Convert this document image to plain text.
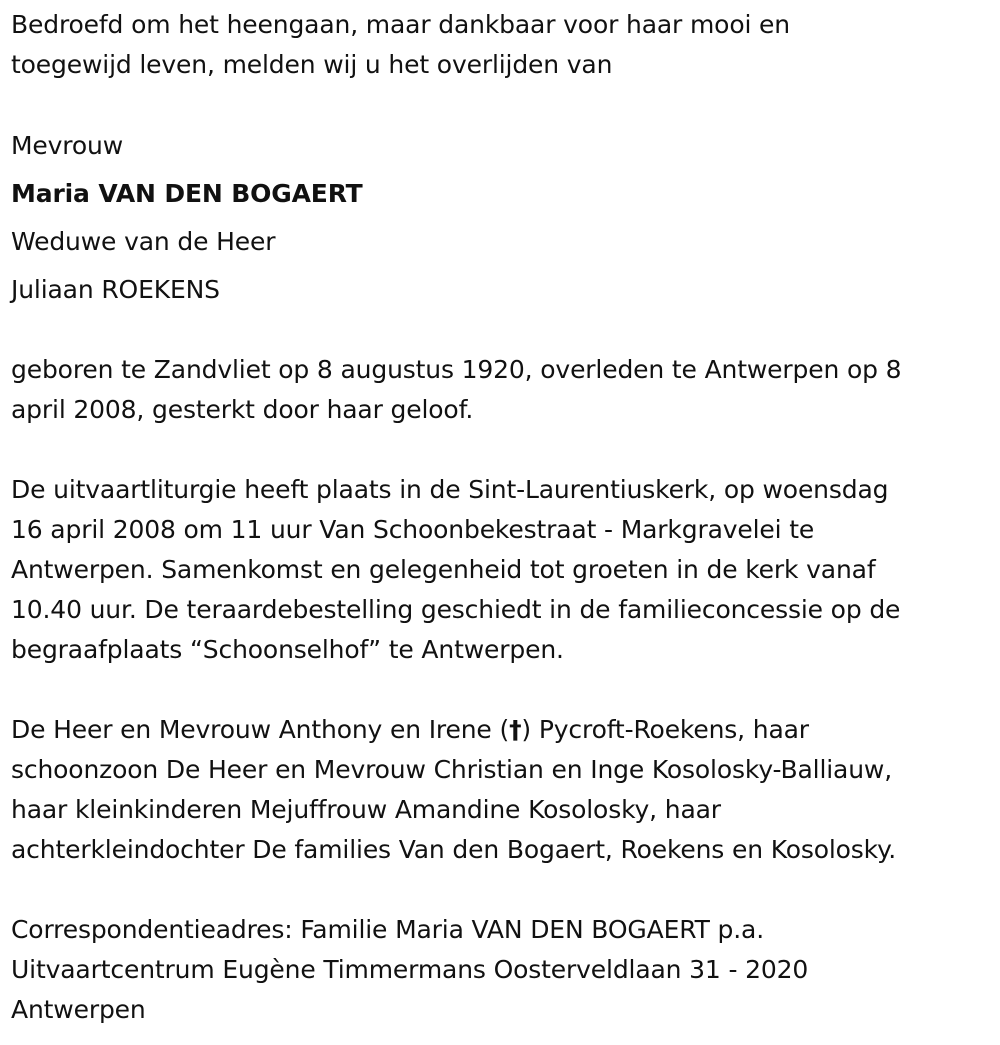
Bedroefd om het heengaan, maar dankbaar voor haar mooi en
toegewijd leven, melden wij u het overlijden van
Mevrouw
Maria VAN DEN BOGAERT
Weduwe van de Heer
Juliaan ROEKENS
geboren te Zandvliet op 8 augustus 1920, overleden te Antwerpen op 8
april 2008, gesterkt door haar geloof.
De uitvaartliturgie heeft plaats in de Sint-Laurentiuskerk, op woensdag
16 april 2008 om 11 uur Van Schoonbekestraat - Markgravelei te
Antwerpen. Samenkomst en gelegenheid tot groeten in de kerk vanaf
10.40 uur. De teraardebestelling geschiedt in de familieconcessie op de
begraafplaats “Schoonselhof” te Antwerpen.
De Heer en Mevrouw Anthony en Irene (†) Pycroft-Roekens, haar
schoonzoon De Heer en Mevrouw Christian en Inge Kosolosky-Balliauw,
haar kleinkinderen Mejuffrouw Amandine Kosolosky, haar
achterkleindochter De families Van den Bogaert, Roekens en Kosolosky.
Correspondentieadres: Familie Maria VAN DEN BOGAERT p.a.
Uitvaartcentrum Eugène Timmermans Oosterveldlaan 31 - 2020
Antwerpen
